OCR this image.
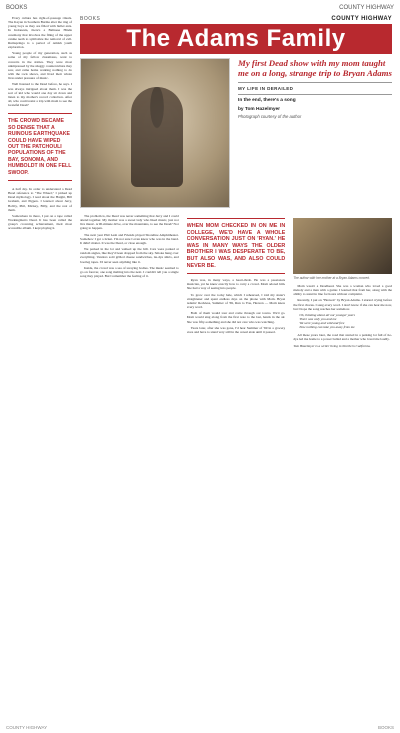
BOOKS	COUNTY HIGHWAY

Every culture has right-of-passage rituals. The Kayan in Southern Burma alter the ring of young boys as they are filled with bullet ants. In Indonesia, there's a Balinese Hindu ceremony that involves the filing of the upper canine teeth to symbolize the removal of evil. Rumspringa is a period of Amish youth exploration.

Young people of my generation, such as some of my fellow classmates, went to concerts in the sixties. They were most unimpressed by the shaggy counterculture they saw, and came home wanting nothing to do with the rock shows, and lived their whole lives under pressure of music.

Well listened to the Dead before, he says. I was always intrigued about them. I was the sort of kid who would one day sit down and listen to my mother's record collection. After all, who could resist a trip with mom to see the Grateful Dead?

THE CROWD BECAME SO DENSE THAT A RUINOUS EARTHQUAKE COULD HAVE WIPED OUT THE PATCHOULI POPULATIONS OF THE BAY, SONOMA, AND HUMBOLDT IN ONE FELL SWOOP.

A half day. In order to understand a Dead Head reference to "The Wheel," I picked up Dead mythology. I read about the Haight, Bill Graham, and Pigpen. I learned about Jerry, Bobby, Phil, Mickey, Billy, and the rest of them.

Somewhere in there, I put on a tape called Workingman's Dead. It has been called the group's crowning achievement, their most accessible album. I kept playing it.

BOOKS	COUNTY HIGHWAY
The Adams Family
My first Dead show with my mom taught me on a long, strange trip to Bryan Adams
MY LIFE IN DERAILED
In the end, there's a song
by Tom Hazelmyer
Photograph courtesy of the author

The problem is, the Dead was never something that Jerry and I could attend together. My mother was a sweet lady who liked music, just not live music. A 90-minute drive, over the mountains, to see the Dead? Not going to happen.

The next year Phil Lesh and Friends played Shoreline Amphitheater. Somehow I got a ticket. I'm not sure I even knew who was in the band. It didn't matter. It was the Dead, or close enough.

We parked in the lot and walked up the hill. Cars were parked at random angles, like they'd been dropped from the sky. Smoke hung over everything. Vendors sold grilled cheese sandwiches, tie-dye shirts, and bootleg tapes. I'd never seen anything like it.

Inside, the crowd was a sea of swaying bodies. The music seemed to go on forever, one song melting into the next. I couldn't tell you a single song they played. But I remember the feeling of it.

WHEN MOM CHECKED IN ON ME IN COLLEGE, WE'D HAVE A WHOLE CONVERSATION JUST ON 'RYAN.' HE WAS IN MANY WAYS THE OLDER BROTHER I WAS DESPERATE TO BE, BUT ALSO WAS, AND ALSO COULD NEVER BE.

Ryan was, in many ways, a heart-throb. He was a passionate musician, yet he knew exactly how to carry a crowd. Mom adored him. She had a way of seeing into people.

To grow over the rocky hale, which I rehearsed, I told my sister's straightener and spent endless days on the phone with Mom. Bryan Adams' Reckless, Summer of '69, Run to You, Heaven — Mom knew every word.

Both of them would tour and come through our towns. We'd go. Mom would sing along from the first note to the last, hands in the air. She was fifty-something and she did not care who was watching.

Years later, after she was gone, I'd hear Summer of '69 in a grocery store and have to stand very still in the cereal aisle until it passed.

The author with her mother at a Bryan Adams concert.

Mom wasn't a Deadhead. She was a woman who loved a good melody and a man with a guitar. I learned that from her, along with the ability to stand in line for hours without complaint.

Recently, I put on "Heaven" by Bryan Adams. I started crying before the first chorus. I sang every word. I don't know if she can hear me now, but I hope the song reaches her somehow.

Oh, thinking about all our younger years
There was only you and me
We were young and wild and free
Now nothing can take you away from me

All these years later, the road that started in a parking lot full of tie-dye led me home to a power ballad and a mother who loved me loudly.

Tom Hazelmyer is a writer living in Northern California.
COUNTY HIGHWAY	BOOKS
